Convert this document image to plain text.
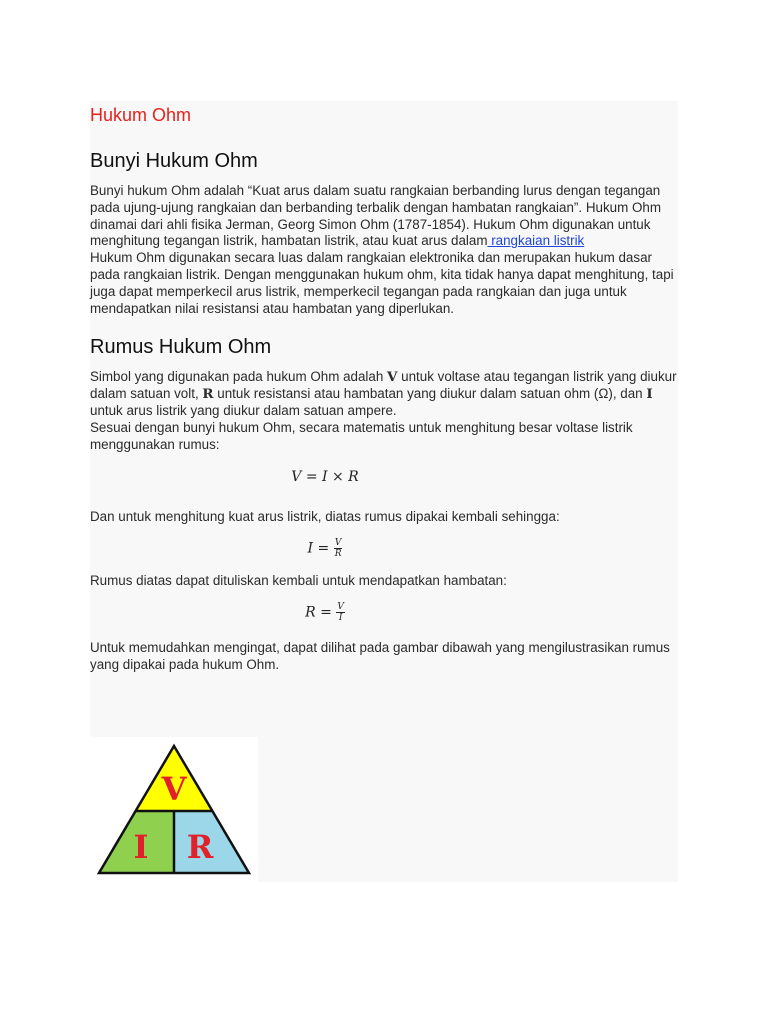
Hukum Ohm
Bunyi Hukum Ohm

Bunyi hukum Ohm adalah “Kuat arus dalam suatu rangkaian berbanding lurus dengan tegangan pada ujung-ujung rangkaian dan berbanding terbalik dengan hambatan rangkaian”. Hukum Ohm dinamai dari ahli fisika Jerman, Georg Simon Ohm (1787-1854). Hukum Ohm digunakan untuk menghitung tegangan listrik, hambatan listrik, atau kuat arus dalam rangkaian listrik

Hukum Ohm digunakan secara luas dalam rangkaian elektronika dan merupakan hukum dasar pada rangkaian listrik. Dengan menggunakan hukum ohm, kita tidak hanya dapat menghitung, tapi juga dapat memperkecil arus listrik, memperkecil tegangan pada rangkaian dan juga untuk mendapatkan nilai resistansi atau hambatan yang diperlukan.

Rumus Hukum Ohm

Simbol yang digunakan pada hukum Ohm adalah V untuk voltase atau tegangan listrik yang diukur dalam satuan volt, R untuk resistansi atau hambatan yang diukur dalam satuan ohm (Ω), dan I untuk arus listrik yang diukur dalam satuan ampere.

Sesuai dengan bunyi hukum Ohm, secara matematis untuk menghitung besar voltase listrik menggunakan rumus:

V = I × R

Dan untuk menghitung kuat arus listrik, diatas rumus dipakai kembali sehingga:

$I = \frac{V}{R}$

Rumus diatas dapat dituliskan kembali untuk mendapatkan hambatan:

$R = \frac{V}{I}$

Untuk memudahkan mengingat, dapat dilihat pada gambar dibawah yang mengilustrasikan rumus yang dipakai pada hukum Ohm.

V
I R
